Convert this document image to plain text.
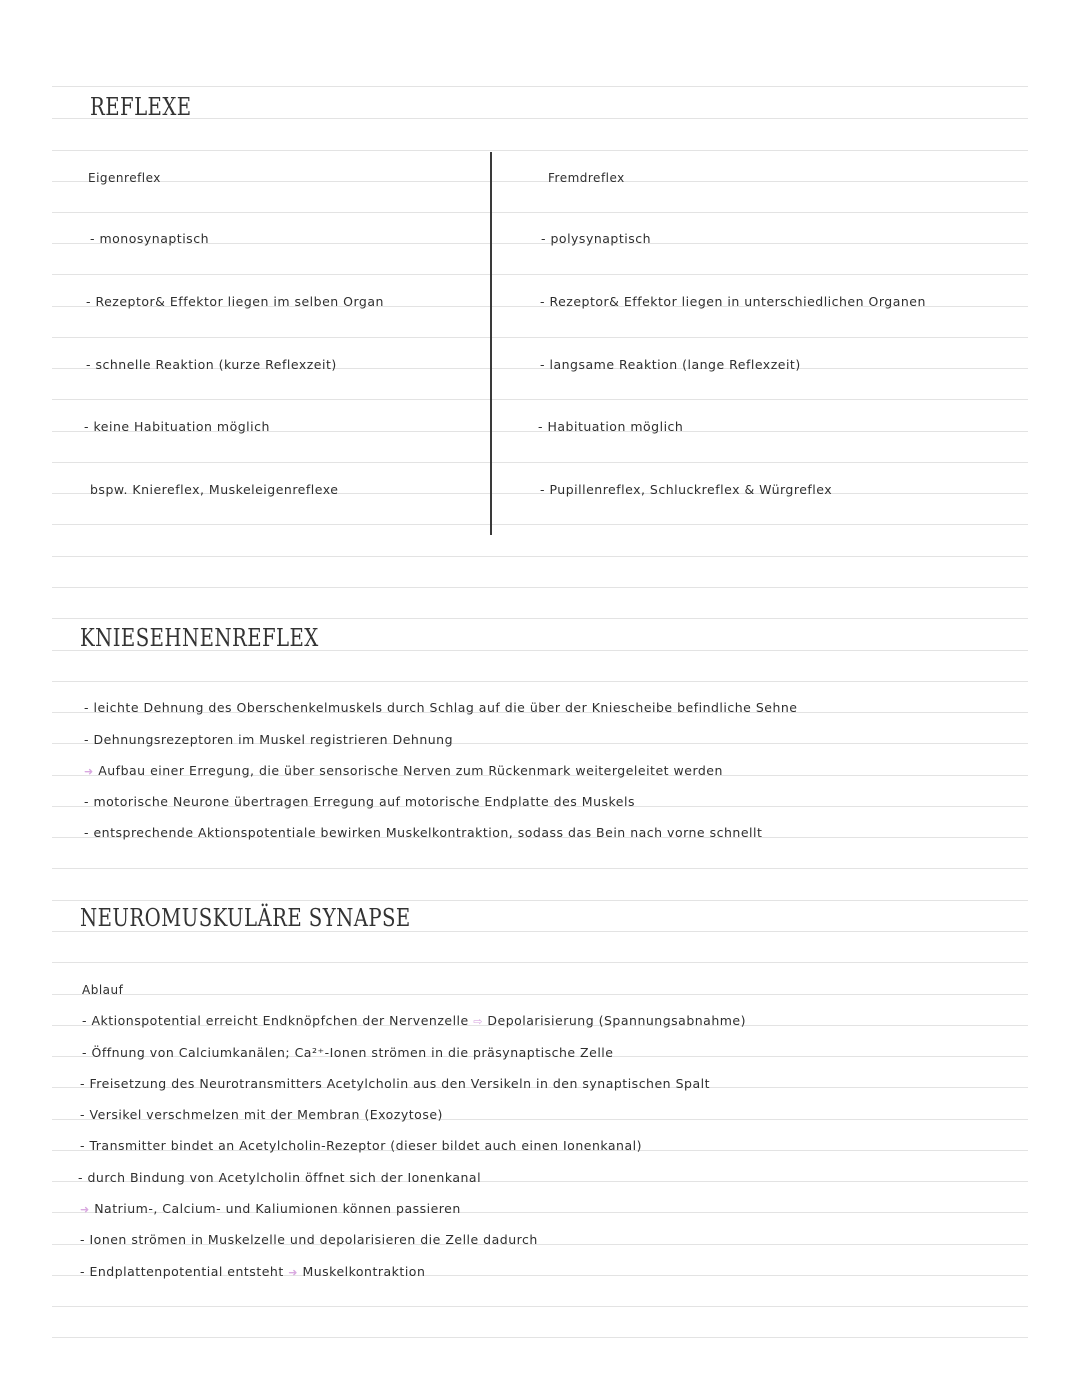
REFLEXE
Eigenreflex
- monosynaptisch
- Rezeptor& Effektor liegen im selben Organ
- schnelle Reaktion (kurze Reflexzeit)
- keine Habituation möglich
bspw. Kniereflex, Muskeleigenreflexe
Fremdreflex
- polysynaptisch
- Rezeptor& Effektor liegen in unterschiedlichen Organen
- langsame Reaktion (lange Reflexzeit)
- Habituation möglich
- Pupillenreflex, Schluckreflex & Würgreflex
KNIESEHNENREFLEX
- leichte Dehnung des Oberschenkelmuskels durch Schlag auf die über der Kniescheibe befindliche Sehne
- Dehnungsrezeptoren im Muskel registrieren Dehnung
➜ Aufbau einer Erregung, die über sensorische Nerven zum Rückenmark weitergeleitet werden
- motorische Neurone übertragen Erregung auf motorische Endplatte des Muskels
- entsprechende Aktionspotentiale bewirken Muskelkontraktion, sodass das Bein nach vorne schnellt
NEUROMUSKULÄRE SYNAPSE
Ablauf
- Aktionspotential erreicht Endknöpfchen der Nervenzelle ⇨ Depolarisierung (Spannungsabnahme)
- Öffnung von Calciumkanälen; Ca²⁺-Ionen strömen in die präsynaptische Zelle
- Freisetzung des Neurotransmitters Acetylcholin aus den Versikeln in den synaptischen Spalt
- Versikel verschmelzen mit der Membran (Exozytose)
- Transmitter bindet an Acetylcholin-Rezeptor (dieser bildet auch einen Ionenkanal)
- durch Bindung von Acetylcholin öffnet sich der Ionenkanal
➜ Natrium-, Calcium- und Kaliumionen können passieren
- Ionen strömen in Muskelzelle und depolarisieren die Zelle dadurch
- Endplattenpotential entsteht ➜ Muskelkontraktion
